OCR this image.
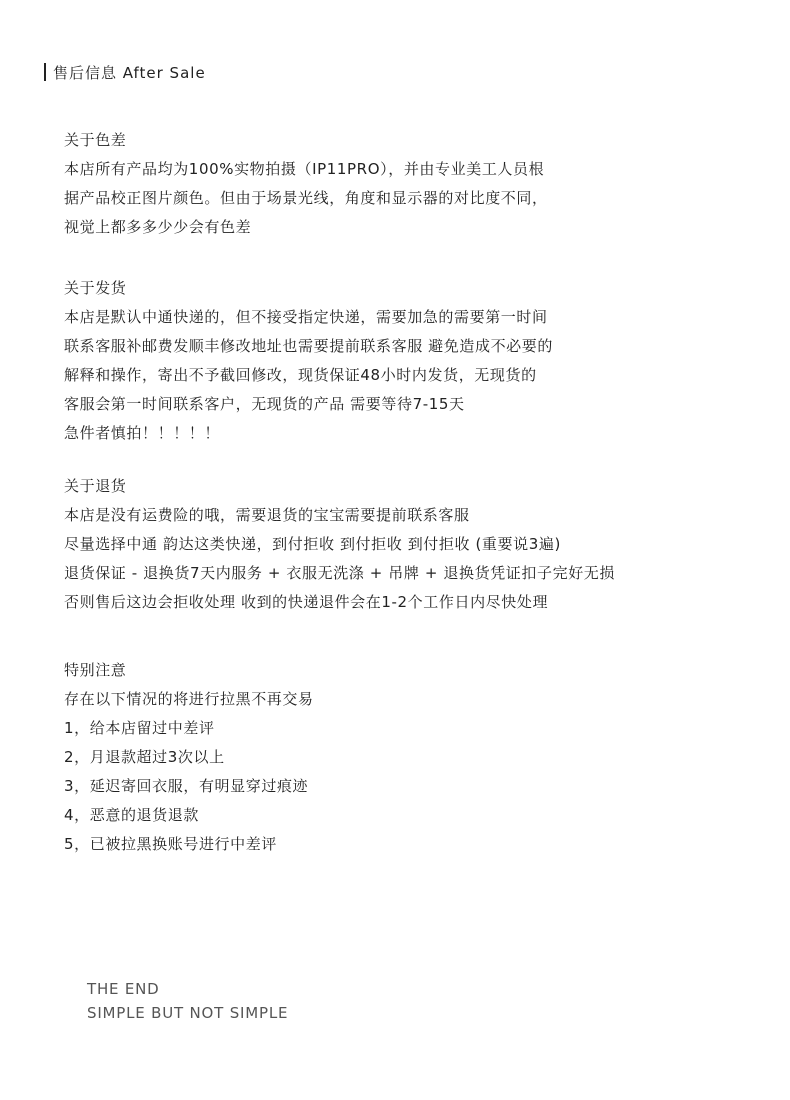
售后信息 After Sale
关于色差
本店所有产品均为100%实物拍摄（IP11PRO），并由专业美工人员根
据产品校正图片颜色。但由于场景光线，角度和显示器的对比度不同，
视觉上都多多少少会有色差
关于发货
本店是默认中通快递的，但不接受指定快递，需要加急的需要第一时间
联系客服补邮费发顺丰修改地址也需要提前联系客服 避免造成不必要的
解释和操作，寄出不予截回修改，现货保证48小时内发货，无现货的
客服会第一时间联系客户，无现货的产品 需要等待7-15天
急件者慎拍！！！！！
关于退货
本店是没有运费险的哦，需要退货的宝宝需要提前联系客服
尽量选择中通 韵达这类快递，到付拒收 到付拒收 到付拒收 (重要说3遍)
退货保证 - 退换货7天内服务 + 衣服无洗涤 + 吊牌 + 退换货凭证扣子完好无损
否则售后这边会拒收处理 收到的快递退件会在1-2个工作日内尽快处理
特别注意
存在以下情况的将进行拉黑不再交易
1，给本店留过中差评
2，月退款超过3次以上
3，延迟寄回衣服，有明显穿过痕迹
4，恶意的退货退款
5，已被拉黑换账号进行中差评
THE END
SIMPLE BUT NOT SIMPLE
